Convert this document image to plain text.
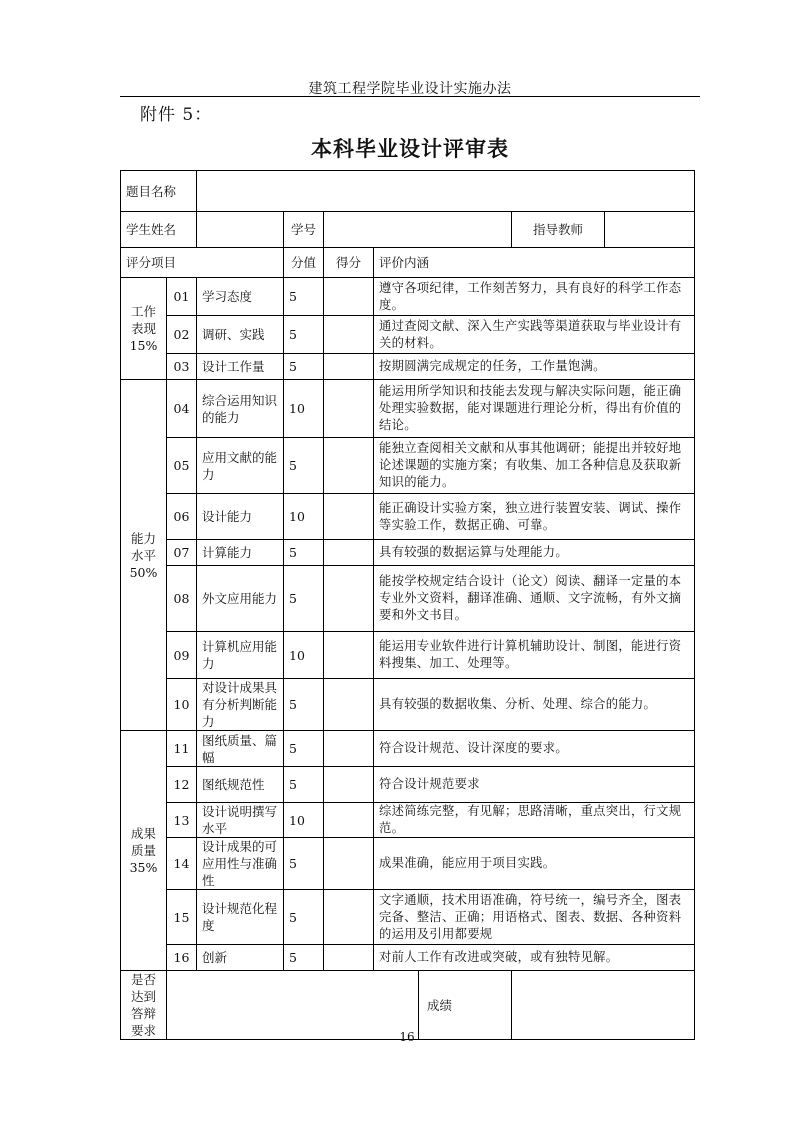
建筑工程学院毕业设计实施办法
附件 5：
本科毕业设计评审表
题目名称								
学生姓名			学号				指导教师	
评分项目			分值	得分	评价内涵			
工作表现15%	01	学习态度	5		遵守各项纪律，工作刻苦努力，具有良好的科学工作态度。			
	02	调研、实践	5		通过查阅文献、深入生产实践等渠道获取与毕业设计有关的材料。			
	03	设计工作量	5		按期圆满完成规定的任务，工作量饱满。			
能力水平50%	04	综合运用知识的能力	10		能运用所学知识和技能去发现与解决实际问题，能正确处理实验数据，能对课题进行理论分析，得出有价值的结论。			
	05	应用文献的能力	5		能独立查阅相关文献和从事其他调研；能提出并较好地论述课题的实施方案；有收集、加工各种信息及获取新知识的能力。			
	06	设计能力	10		能正确设计实验方案，独立进行装置安装、调试、操作等实验工作，数据正确、可靠。			
	07	计算能力	5		具有较强的数据运算与处理能力。			
	08	外文应用能力	5		能按学校规定结合设计（论文）阅读、翻译一定量的本专业外文资料，翻译准确、通顺、文字流畅，有外文摘要和外文书目。			
	09	计算机应用能力	10		能运用专业软件进行计算机辅助设计、制图，能进行资料搜集、加工、处理等。			
	10	对设计成果具有分析判断能力	5		具有较强的数据收集、分析、处理、综合的能力。			
成果质量35%	11	图纸质量、篇幅	5		符合设计规范、设计深度的要求。			
	12	图纸规范性	5		符合设计规范要求			
	13	设计说明撰写水平	10		综述简练完整，有见解；思路清晰，重点突出，行文规范。			
	14	设计成果的可应用性与准确性	5		成果准确，能应用于项目实践。			
	15	设计规范化程度	5		文字通顺，技术用语准确，符号统一，编号齐全，图表完备、整洁、正确；用语格式、图表、数据、各种资料的运用及引用都要规			
	16	创新	5		对前人工作有改进或突破，或有独特见解。			
是否达到答辩要求						成绩		
16
